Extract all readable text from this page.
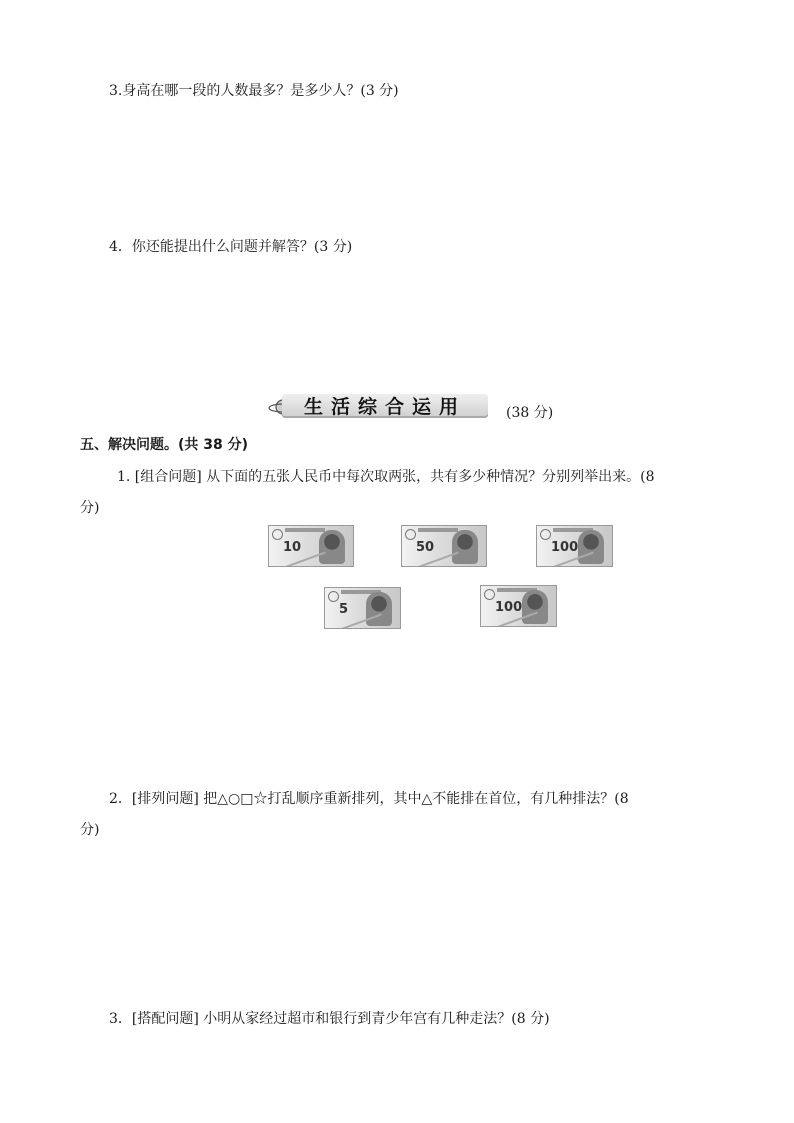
3.身高在哪一段的人数最多？是多少人？(3 分)
4．你还能提出什么问题并解答？(3 分)
生活综合运用	(38 分)
五、解决问题。(共 38 分)
1. [组合问题] 从下面的五张人民币中每次取两张，共有多少种情况？分别列举出来。(8
分)
10	50	100
5	100
2．[排列问题] 把△○□☆打乱顺序重新排列，其中△不能排在首位，有几种排法？(8
分)
3．[搭配问题] 小明从家经过超市和银行到青少年宫有几种走法？(8 分)
